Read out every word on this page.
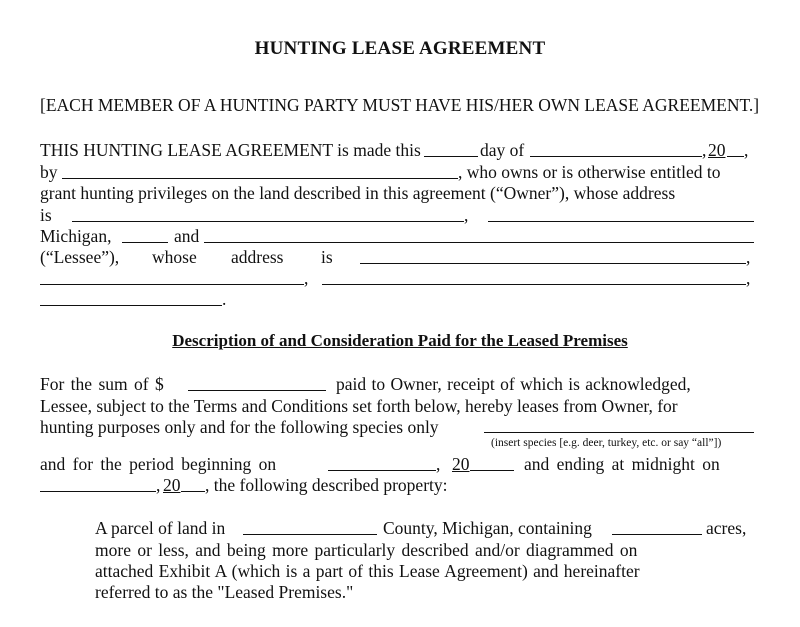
HUNTING LEASE AGREEMENT
[EACH MEMBER OF A HUNTING PARTY MUST HAVE HIS/HER OWN LEASE AGREEMENT.]
THIS HUNTING LEASE AGREEMENT is made this	day of	, 20 ,
by	, who owns or is otherwise entitled to
grant hunting privileges on the land described in this agreement (“Owner”), whose address
is	,
Michigan,	and
(“Lessee”), whose address is	,
,	,
.
Description of and Consideration Paid for the Leased Premises
For the sum of $	paid to Owner, receipt of which is acknowledged,
Lessee, subject to the Terms and Conditions set forth below, hereby leases from Owner, for
hunting purposes only and for the following species only
(insert species [e.g. deer, turkey, etc. or say “all”])
and for the period beginning on	, 20	and ending at midnight on
, 20 , the following described property:
A parcel of land in	County, Michigan, containing	acres,
more or less, and being more particularly described and/or diagrammed on
attached Exhibit A (which is a part of this Lease Agreement) and hereinafter
referred to as the "Leased Premises."
